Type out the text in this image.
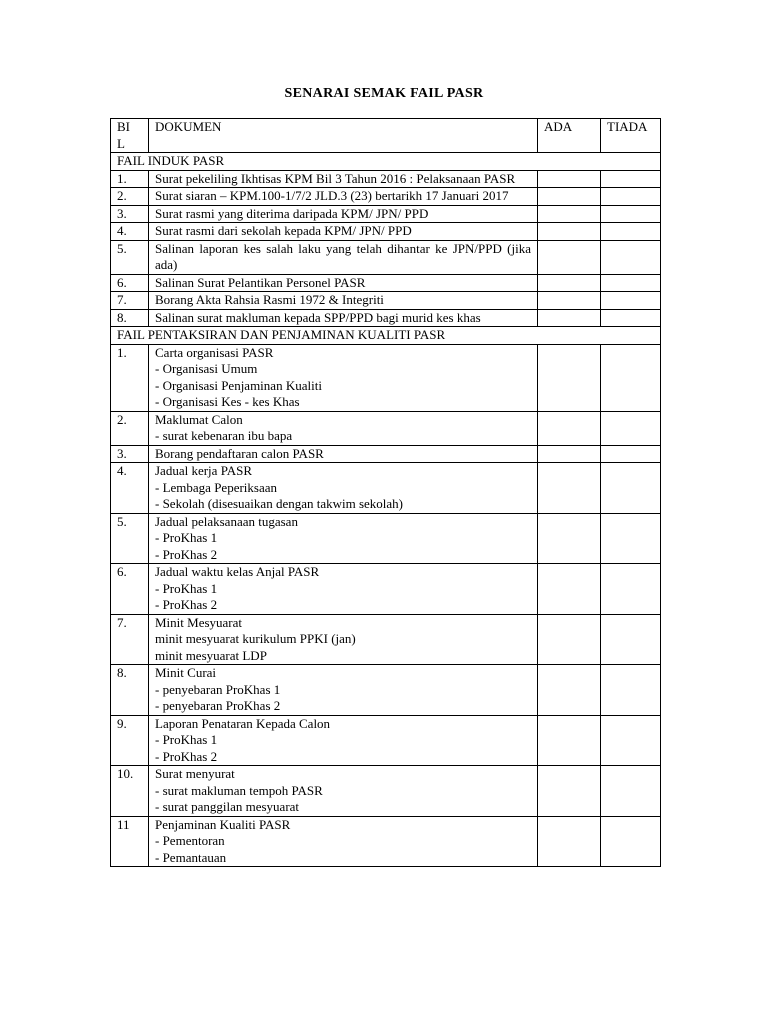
SENARAI SEMAK FAIL PASR
BIL	DOKUMEN	ADA	TIADA
FAIL INDUK PASR			
1.	Surat pekeliling Ikhtisas KPM Bil 3 Tahun 2016 : Pelaksanaan PASR		

2.	Surat siaran – KPM.100-1/7/2 JLD.3 (23) bertarikh 17 Januari 2017		

3.	Surat rasmi yang diterima daripada KPM/ JPN/ PPD		

4.	Surat rasmi dari sekolah kepada KPM/ JPN/ PPD		

5.	Salinan laporan kes salah laku yang telah dihantar ke JPN/PPD (jika ada)		

6.	Salinan Surat Pelantikan Personel PASR		

7.	Borang Akta Rahsia Rasmi 1972 & Integriti		

8.	Salinan surat makluman kepada SPP/PPD bagi murid kes khas		

FAIL PENTAKSIRAN DAN PENJAMINAN KUALITI PASR			
1.	Carta organisasi PASR
- Organisasi Umum
- Organisasi Penjaminan Kualiti
- Organisasi Kes - kes Khas		

2.	Maklumat Calon
- surat kebenaran ibu bapa		

3.	Borang pendaftaran calon PASR		

4.	Jadual kerja PASR
- Lembaga Peperiksaan
- Sekolah (disesuaikan dengan takwim sekolah)		

5.	Jadual pelaksanaan tugasan
- ProKhas 1
- ProKhas 2		

6.	Jadual waktu kelas Anjal PASR
- ProKhas 1
- ProKhas 2		

7.	Minit Mesyuarat
minit mesyuarat kurikulum PPKI (jan)
minit mesyuarat LDP		

8.	Minit Curai
- penyebaran ProKhas 1
- penyebaran ProKhas 2		

9.	Laporan Penataran Kepada Calon
- ProKhas 1
- ProKhas 2		

10.	Surat menyurat
- surat makluman tempoh PASR
- surat panggilan mesyuarat		

11	Penjaminan Kualiti PASR
- Pementoran
- Pemantauan		
